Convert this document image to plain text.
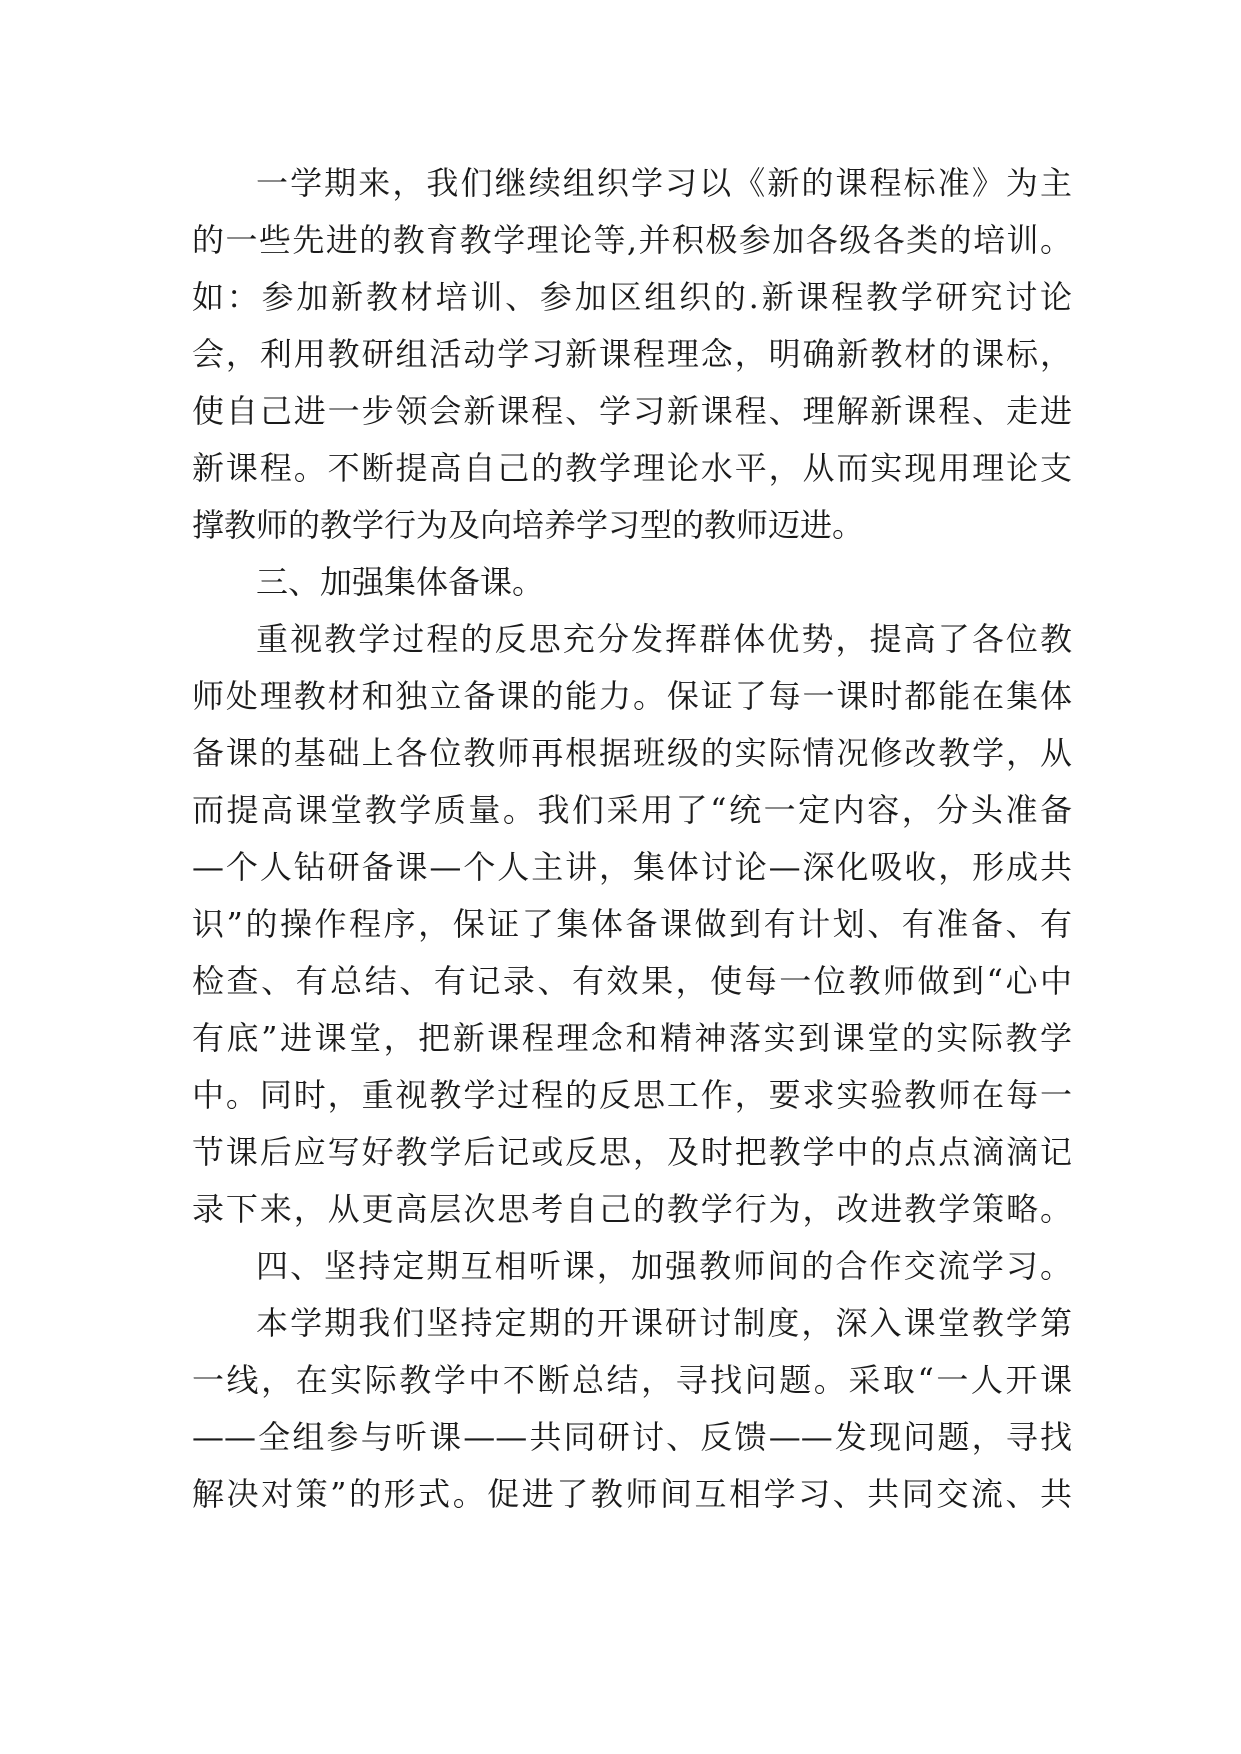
一学期来，我们继续组织学习以《新的课程标准》为主
的一些先进的教育教学理论等,并积极参加各级各类的培训。
如：参加新教材培训、参加区组织的.新课程教学研究讨论
会，利用教研组活动学习新课程理念，明确新教材的课标，
使自己进一步领会新课程、学习新课程、理解新课程、走进
新课程。不断提高自己的教学理论水平，从而实现用理论支
撑教师的教学行为及向培养学习型的教师迈进。
三、加强集体备课。
重视教学过程的反思充分发挥群体优势，提高了各位教
师处理教材和独立备课的能力。保证了每一课时都能在集体
备课的基础上各位教师再根据班级的实际情况修改教学，从
而提高课堂教学质量。我们采用了“统一定内容，分头准备
—个人钻研备课—个人主讲，集体讨论—深化吸收，形成共
识”的操作程序，保证了集体备课做到有计划、有准备、有
检查、有总结、有记录、有效果，使每一位教师做到“心中
有底”进课堂，把新课程理念和精神落实到课堂的实际教学
中。同时，重视教学过程的反思工作，要求实验教师在每一
节课后应写好教学后记或反思，及时把教学中的点点滴滴记
录下来，从更高层次思考自己的教学行为，改进教学策略。
四、坚持定期互相听课，加强教师间的合作交流学习。
本学期我们坚持定期的开课研讨制度，深入课堂教学第
一线，在实际教学中不断总结，寻找问题。采取“一人开课
——全组参与听课——共同研讨、反馈——发现问题，寻找
解决对策”的形式。促进了教师间互相学习、共同交流、共
